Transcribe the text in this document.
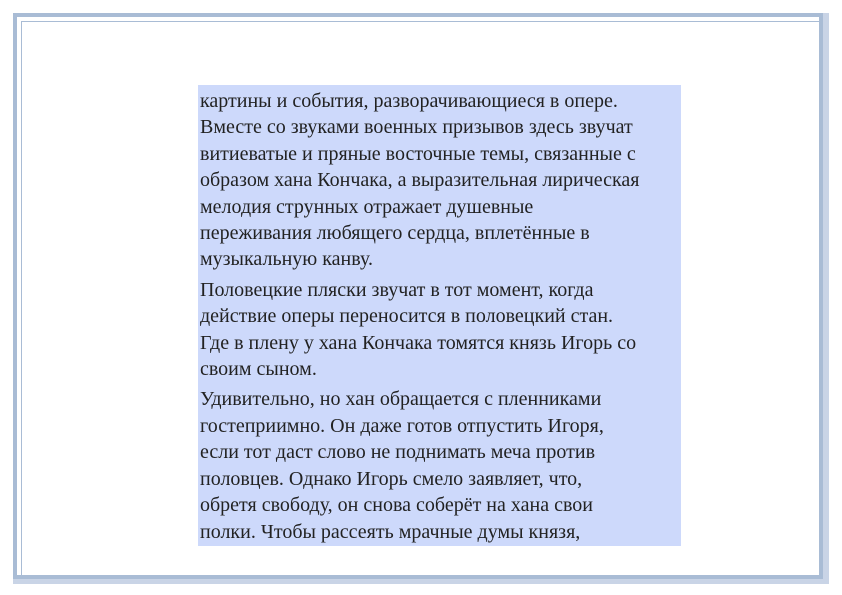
картины и события, разворачивающиеся в опере.
Вместе со звуками военных призывов здесь звучат
витиеватые и пряные восточные темы, связанные с
образом хана Кончака, а выразительная лирическая
мелодия струнных отражает душевные
переживания любящего сердца, вплетённые в
музыкальную канву.

Половецкие пляски звучат в тот момент, когда
действие оперы переносится в половецкий стан.
Где в плену у хана Кончака томятся князь Игорь со
своим сыном.

Удивительно, но хан обращается с пленниками
гостеприимно. Он даже готов отпустить Игоря,
если тот даст слово не поднимать меча против
половцев. Однако Игорь смело заявляет, что,
обретя свободу, он снова соберёт на хана свои
полки. Чтобы рассеять мрачные думы князя,
